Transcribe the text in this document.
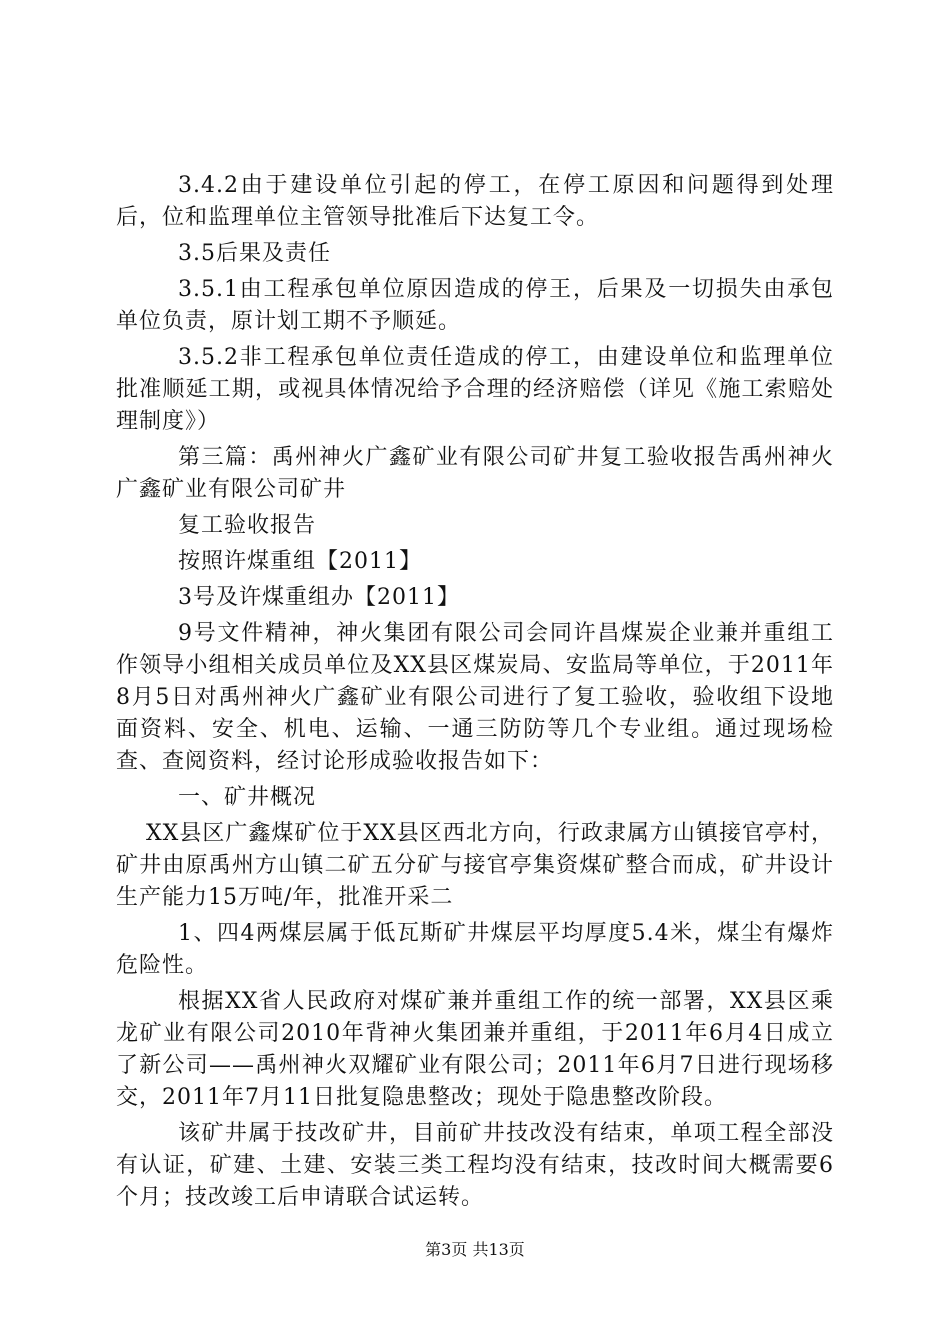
3.4.2由于建设单位引起的停工，在停工原因和问题得到处理后，位和监理单位主管领导批准后下达复工令。

3.5后果及责任

3.5.1由工程承包单位原因造成的停王，后果及一切损失由承包单位负责，原计划工期不予顺延。

3.5.2非工程承包单位责任造成的停工，由建设单位和监理单位批准顺延工期，或视具体情况给予合理的经济赔偿（详见《施工索赔处理制度》）

第三篇：禹州神火广鑫矿业有限公司矿井复工验收报告禹州神火广鑫矿业有限公司矿井

复工验收报告

按照许煤重组【2011】

3号及许煤重组办【2011】

9号文件精神，神火集团有限公司会同许昌煤炭企业兼并重组工作领导小组相关成员单位及XX县区煤炭局、安监局等单位，于2011年8月5日对禹州神火广鑫矿业有限公司进行了复工验收，验收组下设地面资料、安全、机电、运输、一通三防防等几个专业组。通过现场检查、查阅资料，经讨论形成验收报告如下：

一、矿井概况

XX县区广鑫煤矿位于XX县区西北方向，行政隶属方山镇接官亭村，矿井由原禹州方山镇二矿五分矿与接官亭集资煤矿整合而成，矿井设计生产能力15万吨/年，批准开采二

1、四4两煤层属于低瓦斯矿井煤层平均厚度5.4米，煤尘有爆炸危险性。

根据XX省人民政府对煤矿兼并重组工作的统一部署，XX县区乘龙矿业有限公司2010年背神火集团兼并重组，于2011年6月4日成立了新公司——禹州神火双耀矿业有限公司；2011年6月7日进行现场移交，2011年7月11日批复隐患整改；现处于隐患整改阶段。

该矿井属于技改矿井，目前矿井技改没有结束，单项工程全部没有认证，矿建、土建、安装三类工程均没有结束，技改时间大概需要6个月；技改竣工后申请联合试运转。

第3页 共13页
